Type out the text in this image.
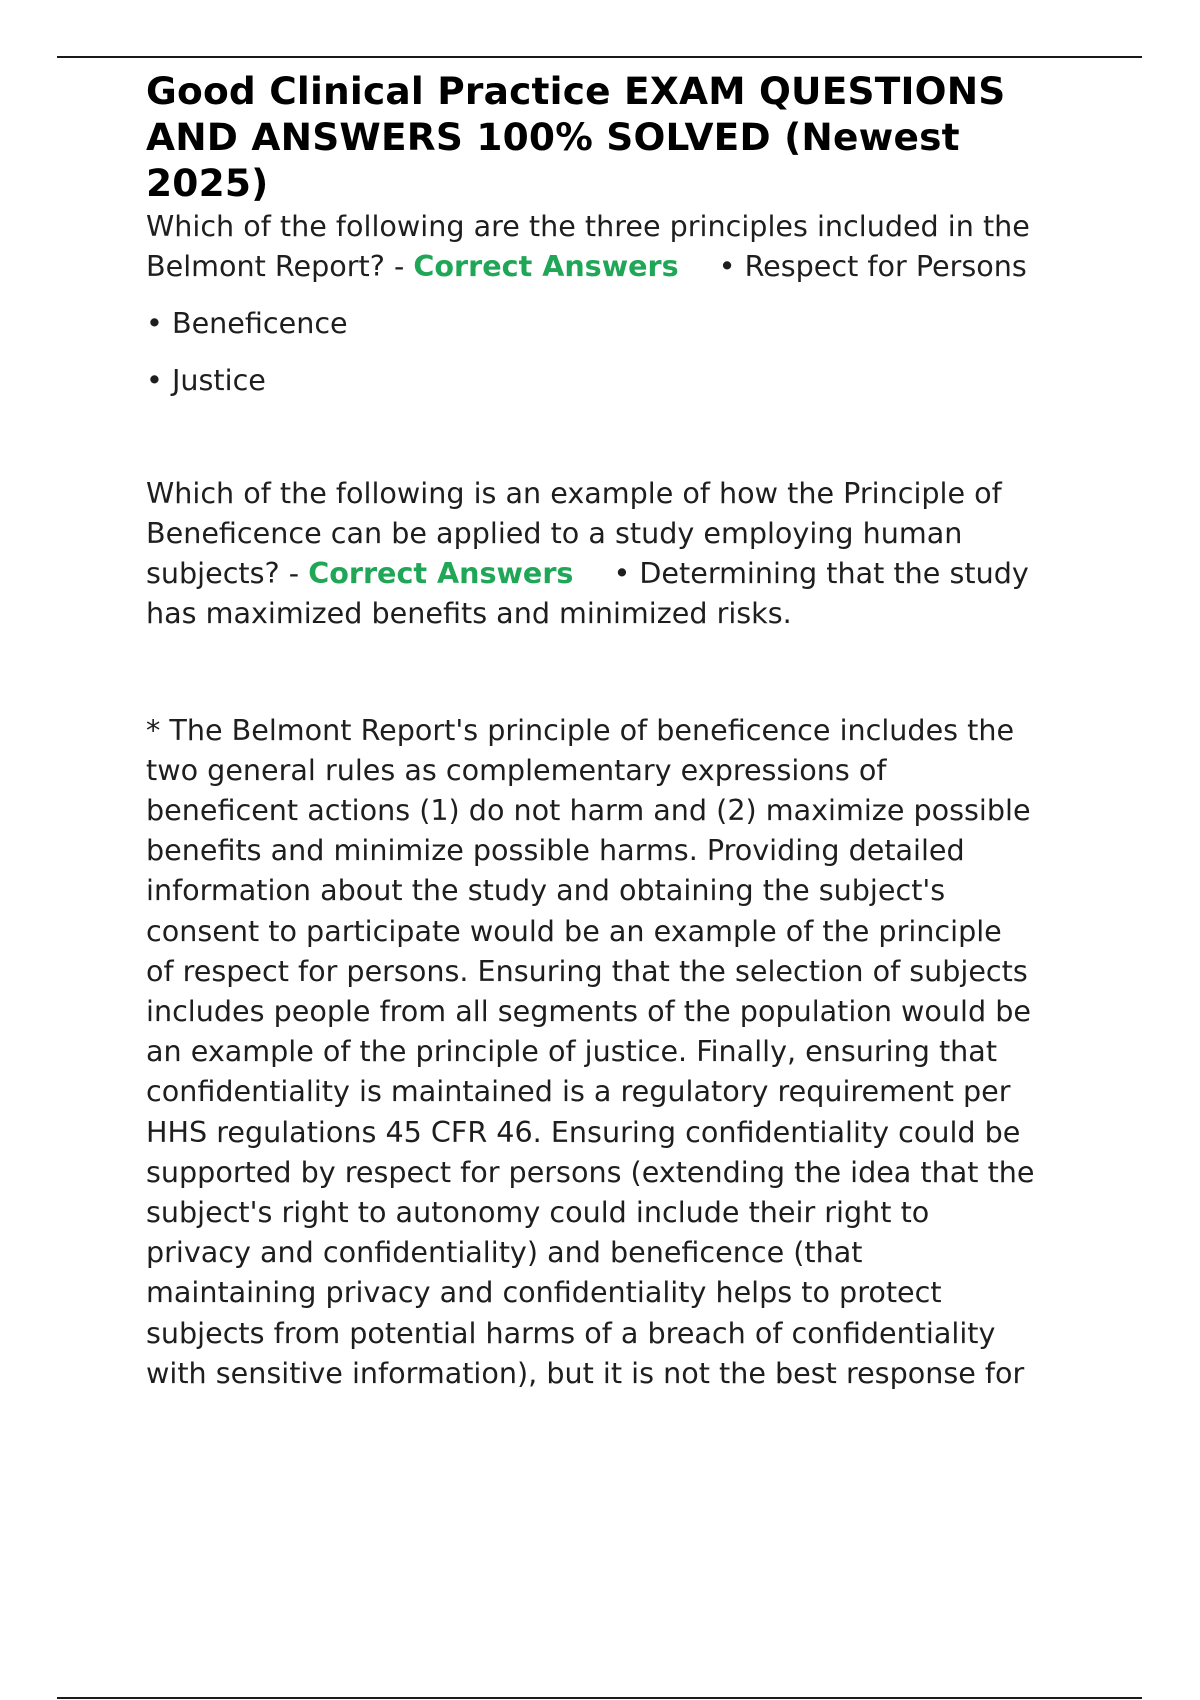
Good Clinical Practice EXAM QUESTIONS
AND ANSWERS 100% SOLVED (Newest
2025)
Which of the following are the three principles included in the
Belmont Report? - Correct Answers • Respect for Persons

• Beneficence

• Justice

Which of the following is an example of how the Principle of
Beneficence can be applied to a study employing human
subjects? - Correct Answers • Determining that the study
has maximized benefits and minimized risks.
* The Belmont Report's principle of beneficence includes the
two general rules as complementary expressions of
beneficent actions (1) do not harm and (2) maximize possible
benefits and minimize possible harms. Providing detailed
information about the study and obtaining the subject's
consent to participate would be an example of the principle
of respect for persons. Ensuring that the selection of subjects
includes people from all segments of the population would be
an example of the principle of justice. Finally, ensuring that
confidentiality is maintained is a regulatory requirement per
HHS regulations 45 CFR 46. Ensuring confidentiality could be
supported by respect for persons (extending the idea that the
subject's right to autonomy could include their right to
privacy and confidentiality) and beneficence (that
maintaining privacy and confidentiality helps to protect
subjects from potential harms of a breach of confidentiality
with sensitive information), but it is not the best response for
